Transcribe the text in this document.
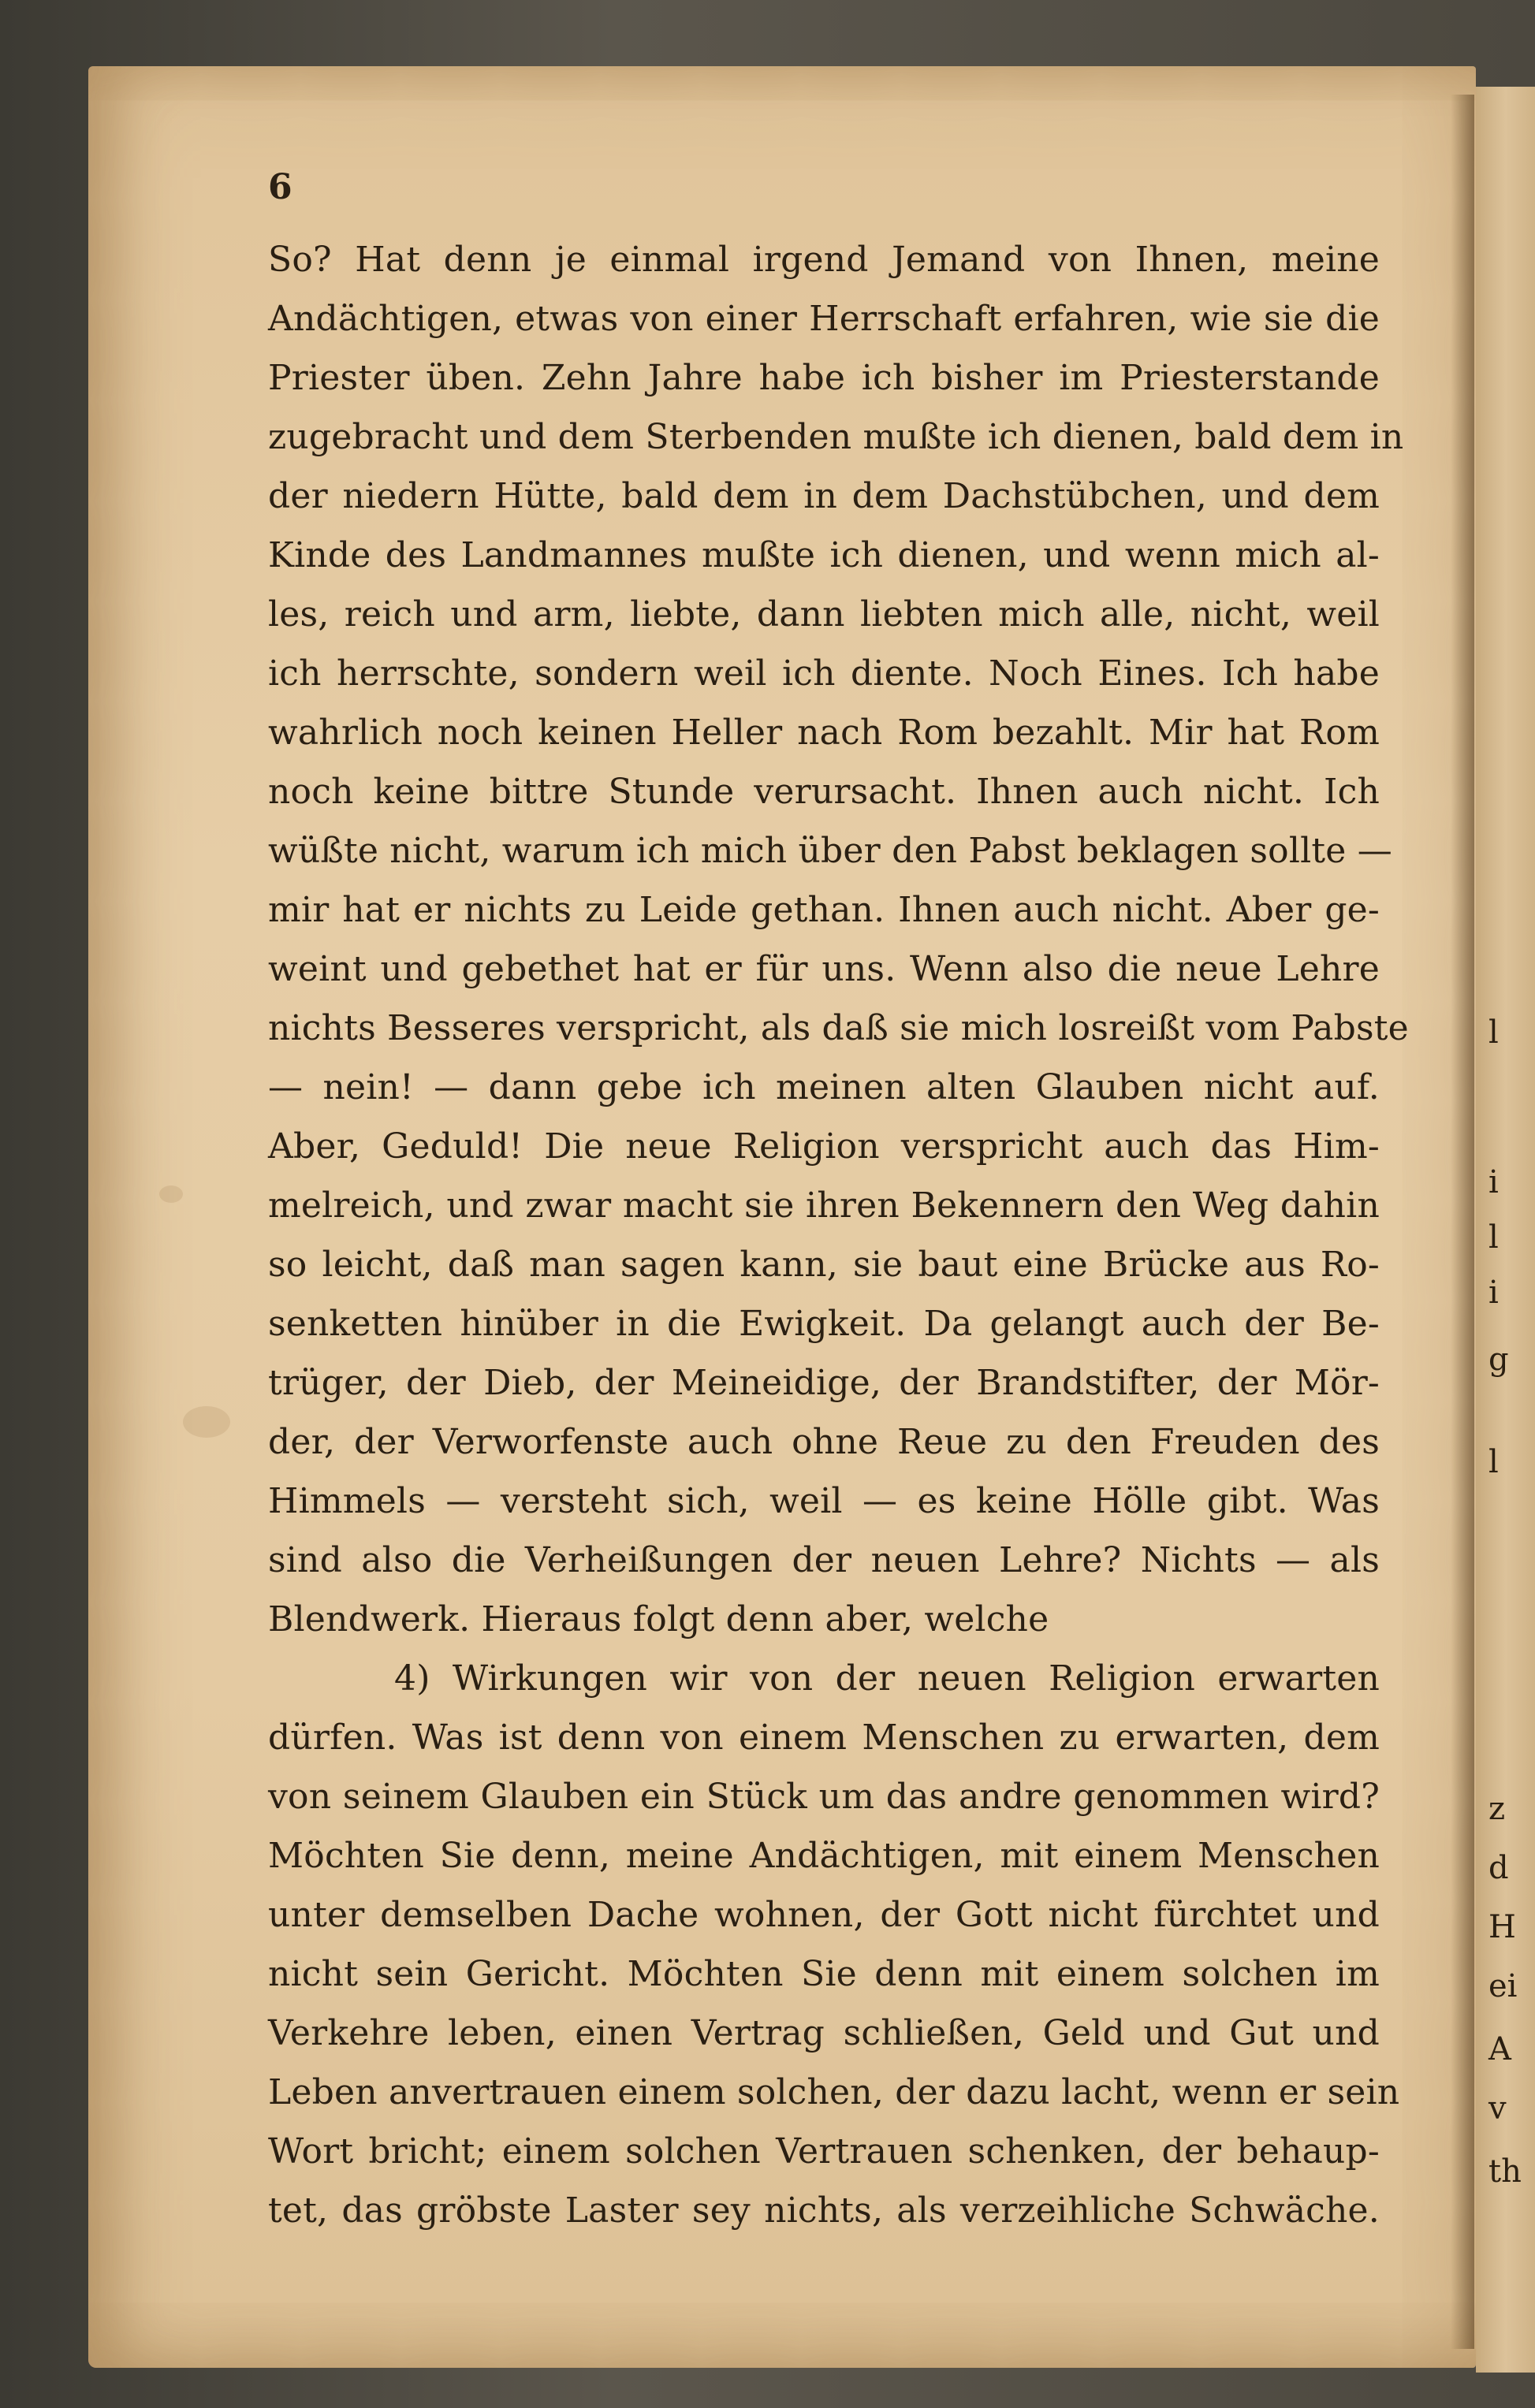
l
i
l
i
g
l
z
d
H
ei
A
v
th

6

So? Hat denn je einmal irgend Jemand von Ihnen, meine
Andächtigen, etwas von einer Herrschaft erfahren, wie sie die
Priester üben. Zehn Jahre habe ich bisher im Priesterstande
zugebracht und dem Sterbenden mußte ich dienen, bald dem in
der niedern Hütte, bald dem in dem Dachstübchen, und dem
Kinde des Landmannes mußte ich dienen, und wenn mich al-
les, reich und arm, liebte, dann liebten mich alle, nicht, weil
ich herrschte, sondern weil ich diente. Noch Eines. Ich habe
wahrlich noch keinen Heller nach Rom bezahlt. Mir hat Rom
noch keine bittre Stunde verursacht. Ihnen auch nicht. Ich
wüßte nicht, warum ich mich über den Pabst beklagen sollte —
mir hat er nichts zu Leide gethan. Ihnen auch nicht. Aber ge-
weint und gebethet hat er für uns. Wenn also die neue Lehre
nichts Besseres verspricht, als daß sie mich losreißt vom Pabste
— nein! — dann gebe ich meinen alten Glauben nicht auf.
Aber, Geduld! Die neue Religion verspricht auch das Him-
melreich, und zwar macht sie ihren Bekennern den Weg dahin
so leicht, daß man sagen kann, sie baut eine Brücke aus Ro-
senketten hinüber in die Ewigkeit. Da gelangt auch der Be-
trüger, der Dieb, der Meineidige, der Brandstifter, der Mör-
der, der Verworfenste auch ohne Reue zu den Freuden des
Himmels — versteht sich, weil — es keine Hölle gibt. Was
sind also die Verheißungen der neuen Lehre? Nichts — als
Blendwerk. Hieraus folgt denn aber, welche
4) Wirkungen wir von der neuen Religion erwarten
dürfen. Was ist denn von einem Menschen zu erwarten, dem
von seinem Glauben ein Stück um das andre genommen wird?
Möchten Sie denn, meine Andächtigen, mit einem Menschen
unter demselben Dache wohnen, der Gott nicht fürchtet und
nicht sein Gericht. Möchten Sie denn mit einem solchen im
Verkehre leben, einen Vertrag schließen, Geld und Gut und
Leben anvertrauen einem solchen, der dazu lacht, wenn er sein
Wort bricht; einem solchen Vertrauen schenken, der behaup-
tet, das gröbste Laster sey nichts, als verzeihliche Schwäche.
